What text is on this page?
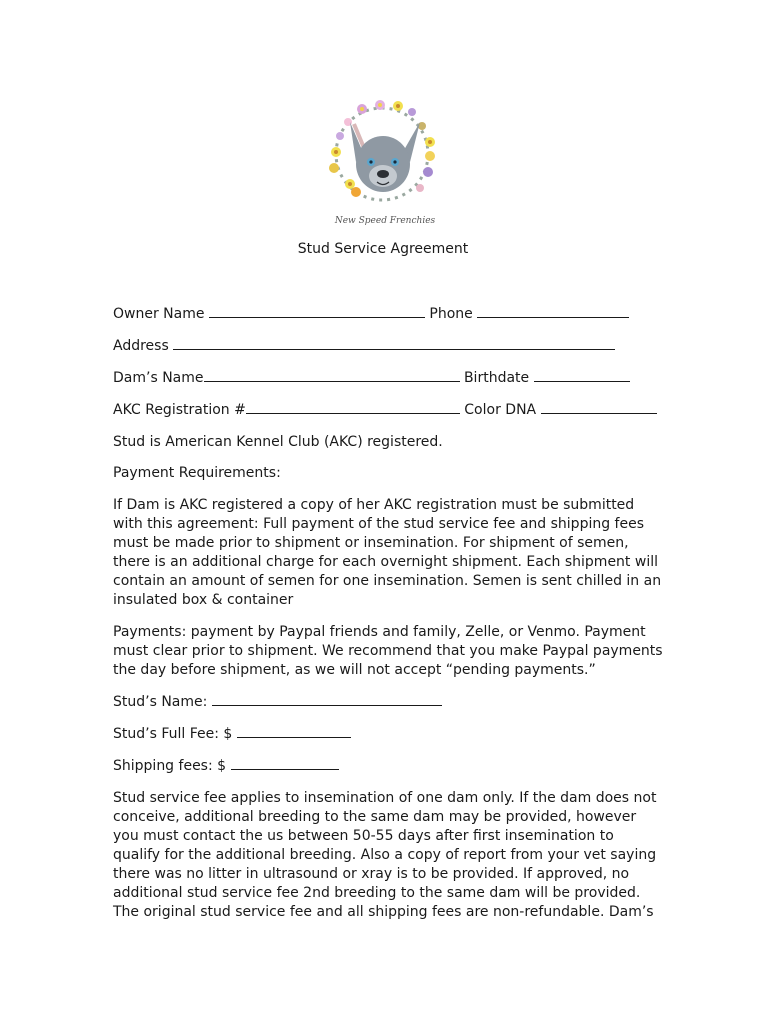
New Speed Frenchies
Stud Service Agreement
Owner Name	Phone
Address
Dam’s Name	Birthdate
AKC Registration #	Color DNA
Stud is American Kennel Club (AKC) registered.
Payment Requirements:

If Dam is AKC registered a copy of her AKC registration must be submitted with this agreement: Full payment of the stud service fee and shipping fees must be made prior to shipment or insemination. For shipment of semen, there is an additional charge for each overnight shipment. Each shipment will contain an amount of semen for one insemination. Semen is sent chilled in an insulated box & container

Payments: payment by Paypal friends and family, Zelle, or Venmo. Payment must clear prior to shipment. We recommend that you make Paypal payments the day before shipment, as we will not accept “pending payments.”

Stud’s Name:
Stud’s Full Fee: $
Shipping fees: $

Stud service fee applies to insemination of one dam only. If the dam does not conceive, additional breeding to the same dam may be provided, however you must contact the us between 50-55 days after first insemination to qualify for the additional breeding. Also a copy of report from your vet saying there was no litter in ultrasound or xray is to be provided. If approved, no additional stud service fee 2nd breeding to the same dam will be provided. The original stud service fee and all shipping fees are non-refundable. Dam’s
